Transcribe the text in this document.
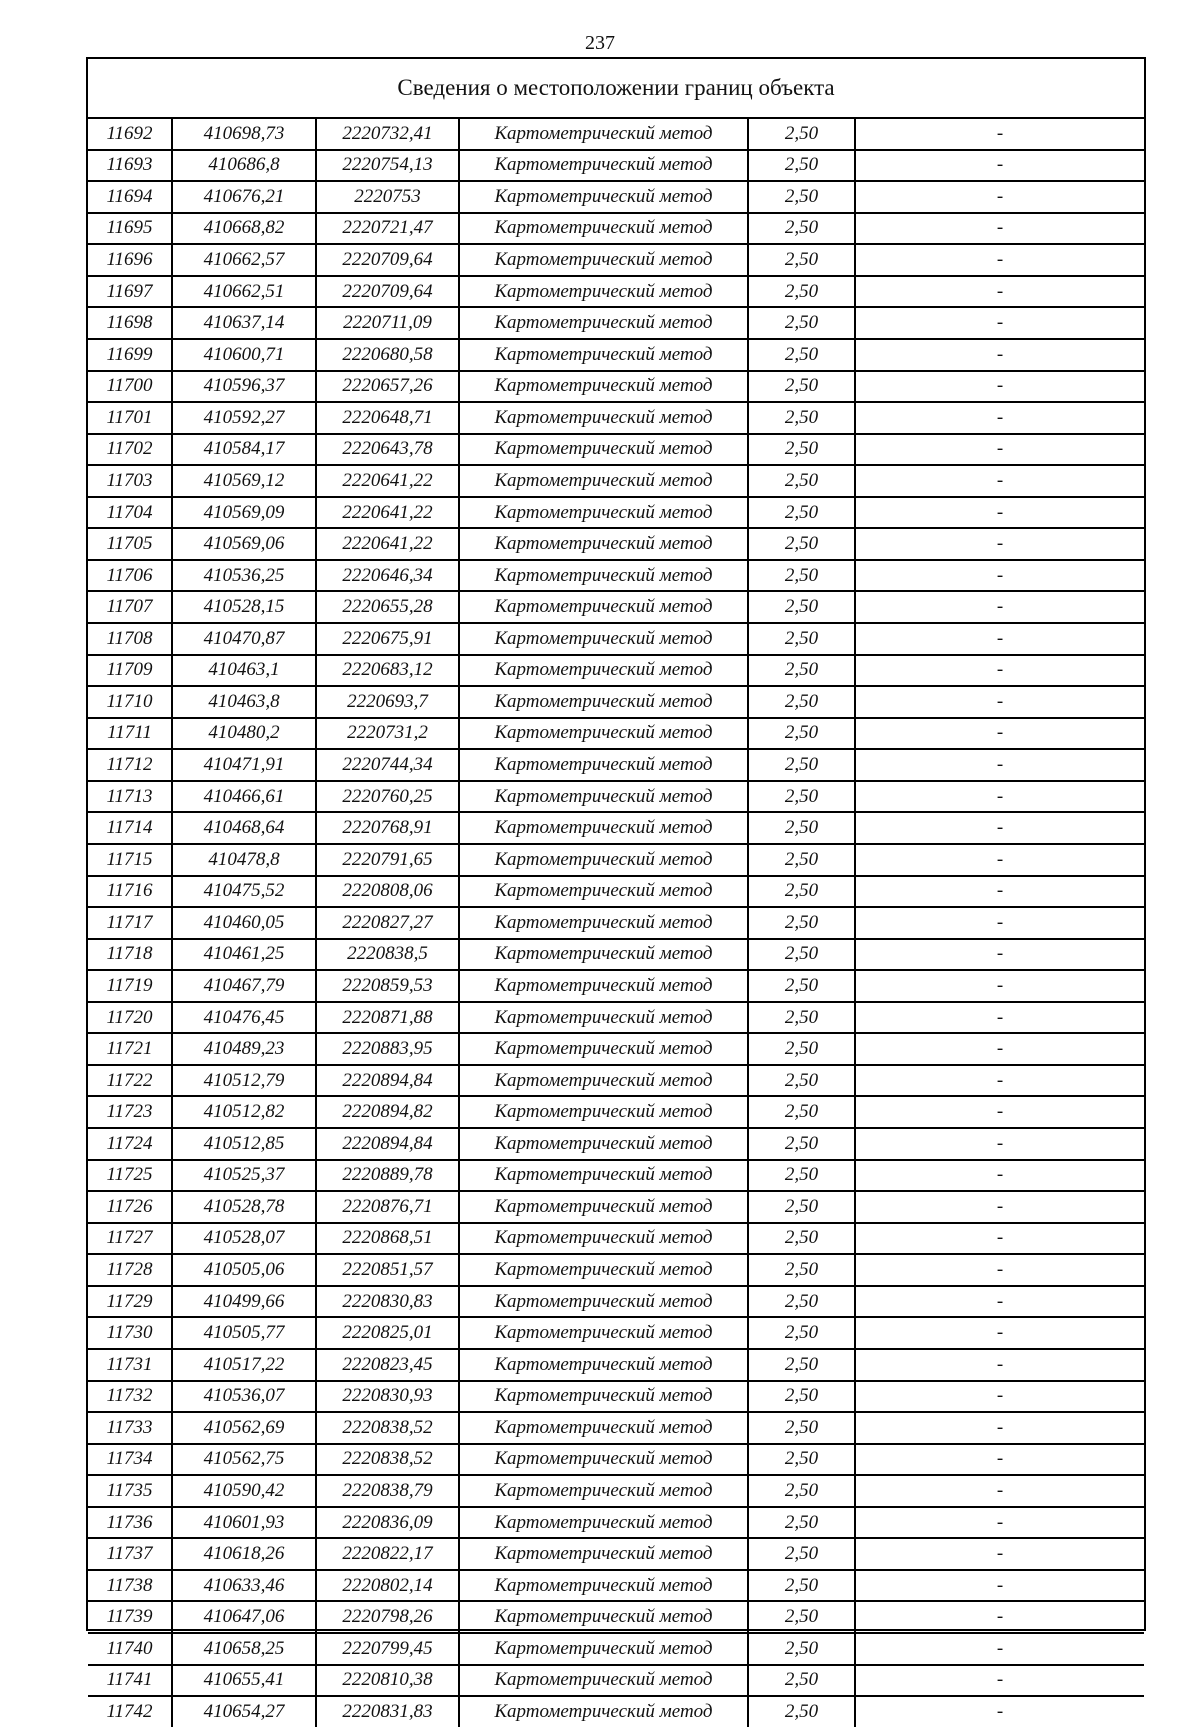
237
Сведения о местоположении границ объекта
11692	410698,73	2220732,41	Картометрический метод	2,50	-
11693	410686,8	2220754,13	Картометрический метод	2,50	-
11694	410676,21	2220753	Картометрический метод	2,50	-
11695	410668,82	2220721,47	Картометрический метод	2,50	-
11696	410662,57	2220709,64	Картометрический метод	2,50	-
11697	410662,51	2220709,64	Картометрический метод	2,50	-
11698	410637,14	2220711,09	Картометрический метод	2,50	-
11699	410600,71	2220680,58	Картометрический метод	2,50	-
11700	410596,37	2220657,26	Картометрический метод	2,50	-
11701	410592,27	2220648,71	Картометрический метод	2,50	-
11702	410584,17	2220643,78	Картометрический метод	2,50	-
11703	410569,12	2220641,22	Картометрический метод	2,50	-
11704	410569,09	2220641,22	Картометрический метод	2,50	-
11705	410569,06	2220641,22	Картометрический метод	2,50	-
11706	410536,25	2220646,34	Картометрический метод	2,50	-
11707	410528,15	2220655,28	Картометрический метод	2,50	-
11708	410470,87	2220675,91	Картометрический метод	2,50	-
11709	410463,1	2220683,12	Картометрический метод	2,50	-
11710	410463,8	2220693,7	Картометрический метод	2,50	-
11711	410480,2	2220731,2	Картометрический метод	2,50	-
11712	410471,91	2220744,34	Картометрический метод	2,50	-
11713	410466,61	2220760,25	Картометрический метод	2,50	-
11714	410468,64	2220768,91	Картометрический метод	2,50	-
11715	410478,8	2220791,65	Картометрический метод	2,50	-
11716	410475,52	2220808,06	Картометрический метод	2,50	-
11717	410460,05	2220827,27	Картометрический метод	2,50	-
11718	410461,25	2220838,5	Картометрический метод	2,50	-
11719	410467,79	2220859,53	Картометрический метод	2,50	-
11720	410476,45	2220871,88	Картометрический метод	2,50	-
11721	410489,23	2220883,95	Картометрический метод	2,50	-
11722	410512,79	2220894,84	Картометрический метод	2,50	-
11723	410512,82	2220894,82	Картометрический метод	2,50	-
11724	410512,85	2220894,84	Картометрический метод	2,50	-
11725	410525,37	2220889,78	Картометрический метод	2,50	-
11726	410528,78	2220876,71	Картометрический метод	2,50	-
11727	410528,07	2220868,51	Картометрический метод	2,50	-
11728	410505,06	2220851,57	Картометрический метод	2,50	-
11729	410499,66	2220830,83	Картометрический метод	2,50	-
11730	410505,77	2220825,01	Картометрический метод	2,50	-
11731	410517,22	2220823,45	Картометрический метод	2,50	-
11732	410536,07	2220830,93	Картометрический метод	2,50	-
11733	410562,69	2220838,52	Картометрический метод	2,50	-
11734	410562,75	2220838,52	Картометрический метод	2,50	-
11735	410590,42	2220838,79	Картометрический метод	2,50	-
11736	410601,93	2220836,09	Картометрический метод	2,50	-
11737	410618,26	2220822,17	Картометрический метод	2,50	-
11738	410633,46	2220802,14	Картометрический метод	2,50	-
11739	410647,06	2220798,26	Картометрический метод	2,50	-
11740	410658,25	2220799,45	Картометрический метод	2,50	-
11741	410655,41	2220810,38	Картометрический метод	2,50	-
11742	410654,27	2220831,83	Картометрический метод	2,50	-
